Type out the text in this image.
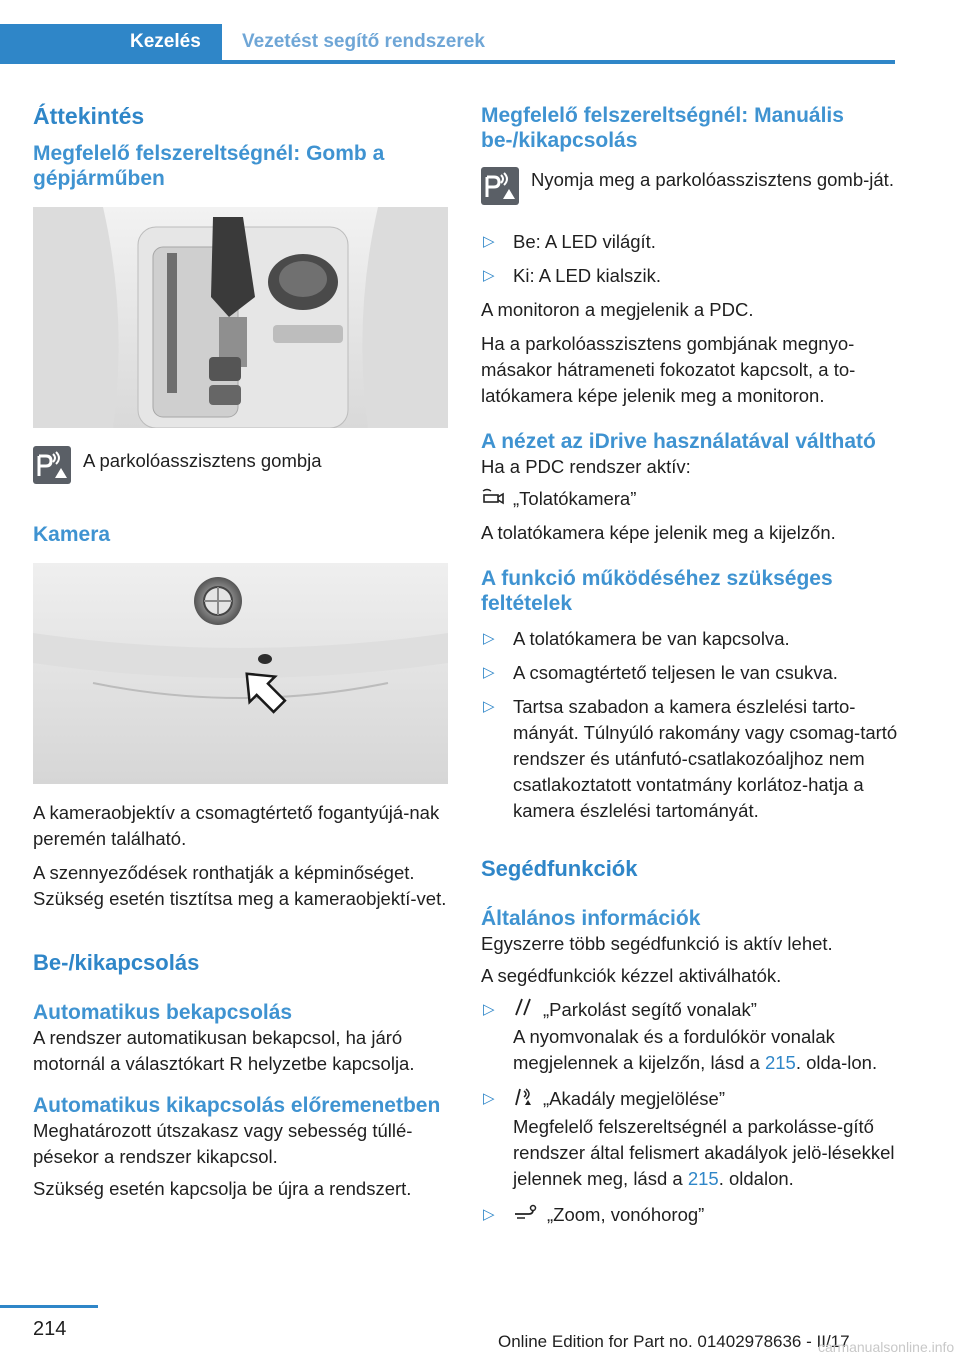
Kezelés	Vezetést segítő rendszerek
Áttekintés
Megfelelő felszereltségnél: Gomb a gépjárműben
A parkolóasszisztens gombja
Kamera
A kameraobjektív a csomagtértető fogantyújá-nak peremén található.
A szennyeződések ronthatják a képminőséget. Szükség esetén tisztítsa meg a kameraobjektí-vet.
Be-/kikapcsolás
Automatikus bekapcsolás
A rendszer automatikusan bekapcsol, ha járó motornál a választókart R helyzetbe kapcsolja.
Automatikus kikapcsolás előremenetben
Meghatározott útszakasz vagy sebesség túllé-pésekor a rendszer kikapcsol.
Szükség esetén kapcsolja be újra a rendszert.
Megfelelő felszereltségnél: Manuális be-/kikapcsolás
Nyomja meg a parkolóasszisztens gomb-ját.
▷ Be: A LED világít.
▷ Ki: A LED kialszik.
A monitoron a megjelenik a PDC.
Ha a parkolóasszisztens gombjának megnyo-másakor hátrameneti fokozatot kapcsolt, a to-latókamera képe jelenik meg a monitoron.
A nézet az iDrive használatával váltható
Ha a PDC rendszer aktív:
„Tolatókamera”
A tolatókamera képe jelenik meg a kijelzőn.
A funkció működéséhez szükséges feltételek
▷ A tolatókamera be van kapcsolva.
▷ A csomagtértető teljesen le van csukva.
▷ Tartsa szabadon a kamera észlelési tarto-mányát. Túlnyúló rakomány vagy csomag-tartó rendszer és utánfutó-csatlakozóaljhoz nem csatlakoztatott vontatmány korlátoz-hatja a kamera észlelési tartományát.
Segédfunkciók
Általános információk
Egyszerre több segédfunkció is aktív lehet.
A segédfunkciók kézzel aktiválhatók.
▷	„Parkolást segítő vonalak”
A nyomvonalak és a fordulókör vonalak megjelennek a kijelzőn, lásd a 215. olda-lon.
▷	„Akadály megjelölése”
Megfelelő felszereltségnél a parkolásse-gítő rendszer által felismert akadályok jelö-lésekkel jelennek meg, lásd a 215. oldalon.
▷	„Zoom, vonóhorog”
214
Online Edition for Part no. 01402978636 - II/17
carmanualsonline.info
